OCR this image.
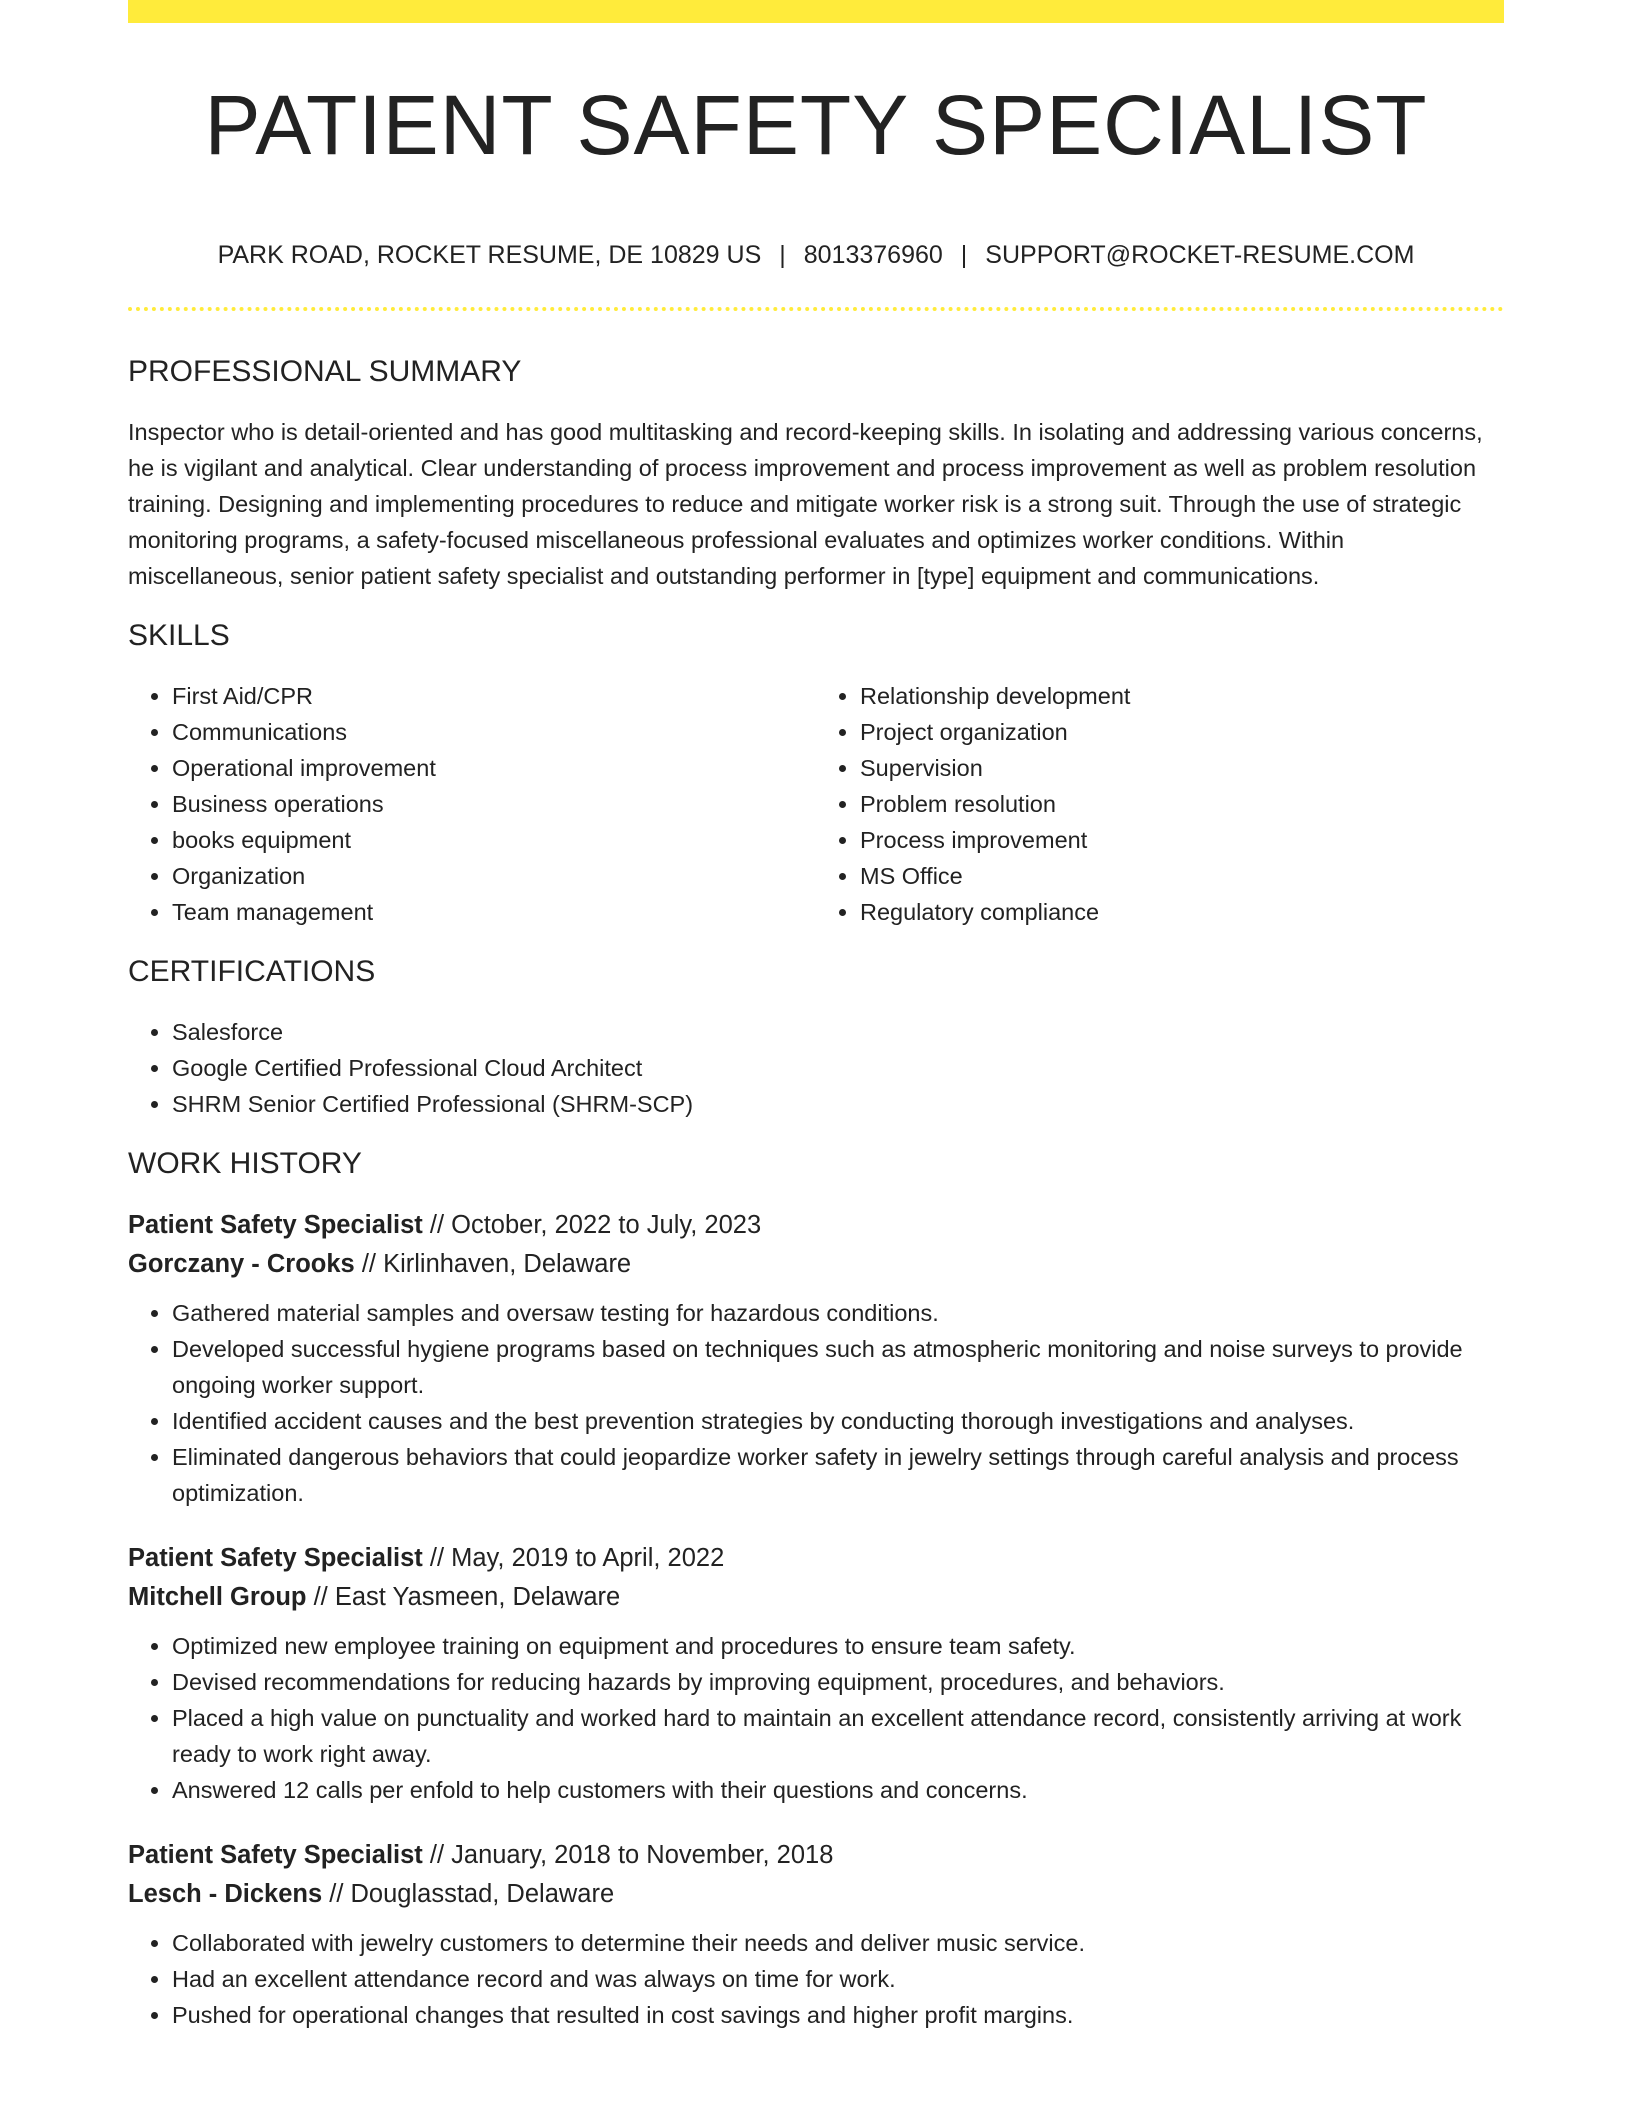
PATIENT SAFETY SPECIALIST
PARK ROAD, ROCKET RESUME, DE 10829 US | 8013376960 | SUPPORT@ROCKET-RESUME.COM
PROFESSIONAL SUMMARY

Inspector who is detail-oriented and has good multitasking and record-keeping skills. In isolating and addressing various concerns, he is vigilant and analytical. Clear understanding of process improvement and process improvement as well as problem resolution training. Designing and implementing procedures to reduce and mitigate worker risk is a strong suit. Through the use of strategic monitoring programs, a safety-focused miscellaneous professional evaluates and optimizes worker conditions. Within miscellaneous, senior patient safety specialist and outstanding performer in [type] equipment and communications.

SKILLS
• First Aid/CPR
• Communications
• Operational improvement
• Business operations
• books equipment
• Organization
• Team management
• Relationship development
• Project organization
• Supervision
• Problem resolution
• Process improvement
• MS Office
• Regulatory compliance
CERTIFICATIONS
• Salesforce
• Google Certified Professional Cloud Architect
• SHRM Senior Certified Professional (SHRM-SCP)
WORK HISTORY
Patient Safety Specialist // October, 2022 to July, 2023
Gorczany - Crooks // Kirlinhaven, Delaware
• Gathered material samples and oversaw testing for hazardous conditions.
• Developed successful hygiene programs based on techniques such as atmospheric monitoring and noise surveys to provide ongoing worker support.
• Identified accident causes and the best prevention strategies by conducting thorough investigations and analyses.
• Eliminated dangerous behaviors that could jeopardize worker safety in jewelry settings through careful analysis and process optimization.
Patient Safety Specialist // May, 2019 to April, 2022
Mitchell Group // East Yasmeen, Delaware
• Optimized new employee training on equipment and procedures to ensure team safety.
• Devised recommendations for reducing hazards by improving equipment, procedures, and behaviors.
• Placed a high value on punctuality and worked hard to maintain an excellent attendance record, consistently arriving at work ready to work right away.
• Answered 12 calls per enfold to help customers with their questions and concerns.
Patient Safety Specialist // January, 2018 to November, 2018
Lesch - Dickens // Douglasstad, Delaware
• Collaborated with jewelry customers to determine their needs and deliver music service.
• Had an excellent attendance record and was always on time for work.
• Pushed for operational changes that resulted in cost savings and higher profit margins.
